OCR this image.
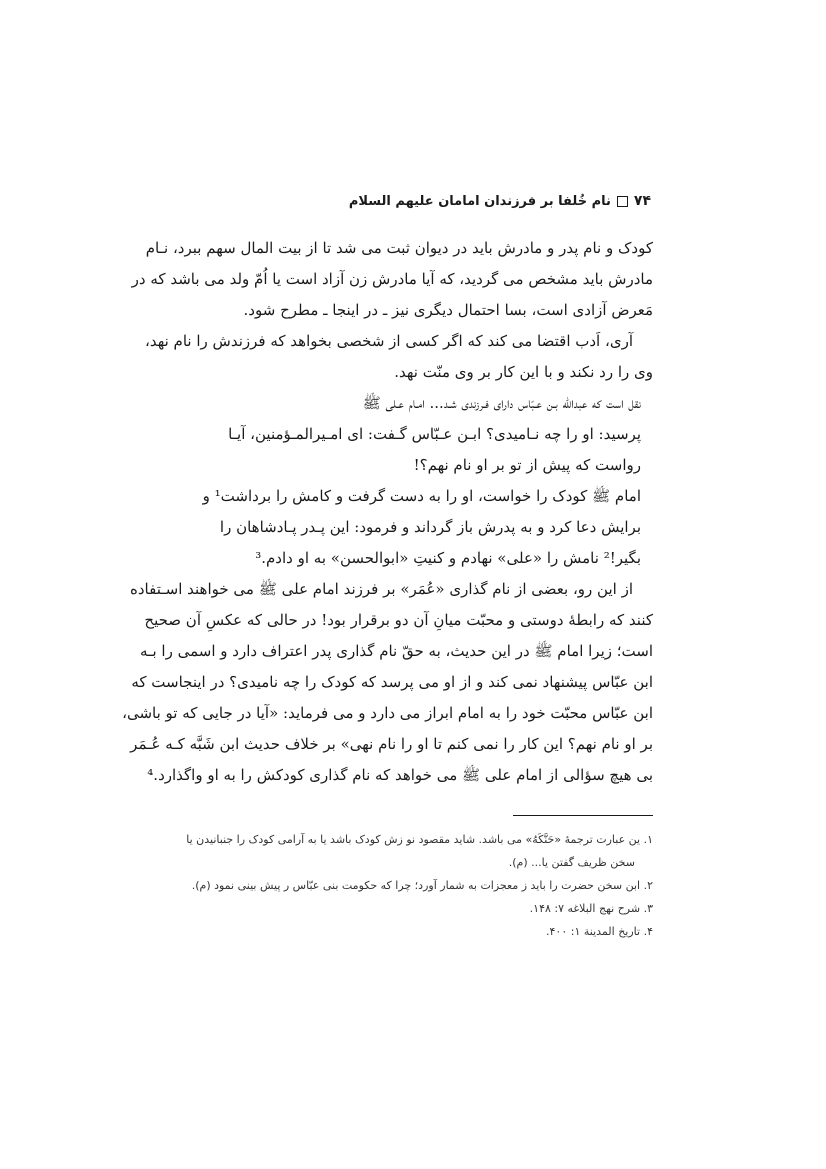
۷۴
نام خُلفا بر فرزندان امامان علیهم السلام
کودک و نام پدر و مادرش باید در دیوان ثبت می شد تا از بیت المال سهم ببرد، نـام
مادرش باید مشخص می گردید، که آیا مادرش زن آزاد است یا اُمّ ولد می باشد که در
مَعرض آزادی است، بسا احتمال دیگری نیز ـ در اینجا ـ مطرح شود.
آری، اَدب اقتضا می کند که اگر کسی از شخصی بخواهد که فرزندش را نام نهد،
وی را رد نکند و با این کار بر وی منّت نهد.
نقل است که عبدالله بـن عـبّاس دارای فـرزندی شـد... امـام عـلی ﷺ
پرسید: او را چه نـامیدی؟ ابـن عـبّاس گـفت: ای امـیرالمـؤمنین، آیـا
رواست که پیش از تو بر او نام نهم؟!
امام ﷺ کودک را خواست، او را به دست گرفت و کامش را برداشت¹ و
برایش دعا کرد و به پدرش باز گرداند و فرمود: این پـدر پـادشاهان را
بگیر!² نامش را «علی» نهادم و کنیتِ «ابوالحسن» به او دادم.³
از این رو، بعضی از نام گذاری «عُمَر» بر فرزند امام علی ﷺ می خواهند اسـتفاده
کنند که رابطهٔ دوستی و محبّت میانِ آن دو برقرار بود! در حالی که عکسِ آن صحیح
است؛ زیرا امام ﷺ در این حدیث، به حقّ نام گذاری پدر اعتراف دارد و اسمی را بـه
ابن عبّاس پیشنهاد نمی کند و از او می پرسد که کودک را چه نامیدی؟ در اینجاست که
ابن عبّاس محبّت خود را به امام ابراز می دارد و می فرماید: «آیا در جایی که تو باشی،
بر او نام نهم؟ این کار را نمی کنم تا او را نام نهی» بر خلاف حدیث ابن شَبَّه کـه عُـمَر
بی هیچ سؤالی از امام علی ﷺ می خواهد که نام گذاری کودکش را به او واگذارد.⁴
۱. ین عبارت ترجمهٔ «حَنَّکَهُ» می باشد. شاید مقصود نو زش کودک باشد یا به آرامی کودک را جنبانیدن یا
سخن ظریف گفتن یا... (م).
۲. ابن سخن حضرت را باید ز معجزات به شمار آورد؛ چرا که حکومت بنی عبّاس ر پیش بینی نمود (م).
۳. شرح نهج البلاغه ۷: ۱۴۸.
۴. تاریخ المدینة ۱: ۴۰۰.
